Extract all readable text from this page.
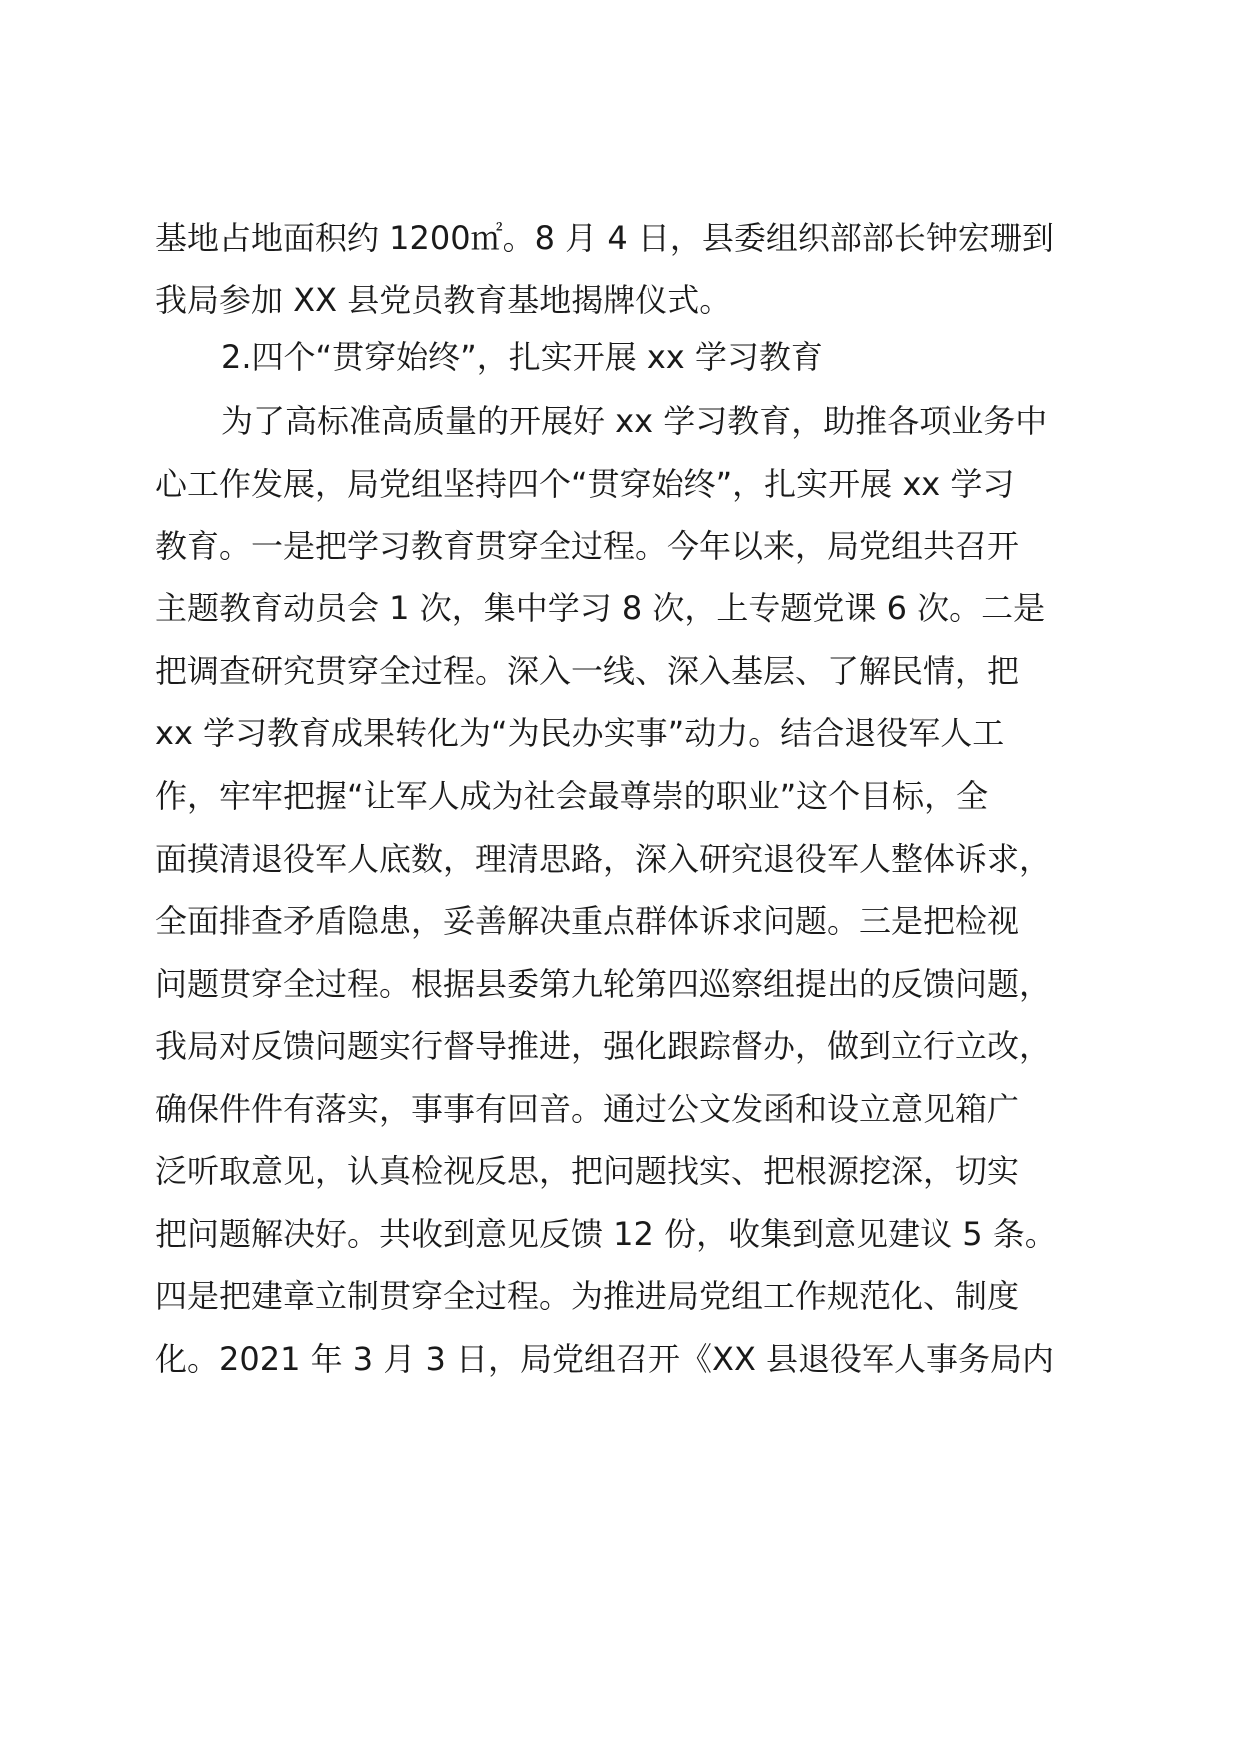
基地占地面积约 1200㎡。8 月 4 日，县委组织部部长钟宏珊到

我局参加 XX 县党员教育基地揭牌仪式。

2.四个“贯穿始终”，扎实开展 xx 学习教育

为了高标准高质量的开展好 xx 学习教育，助推各项业务中

心工作发展，局党组坚持四个“贯穿始终”，扎实开展 xx 学习

教育。一是把学习教育贯穿全过程。今年以来，局党组共召开

主题教育动员会 1 次，集中学习 8 次，上专题党课 6 次。二是

把调查研究贯穿全过程。深入一线、深入基层、了解民情，把

xx 学习教育成果转化为“为民办实事”动力。结合退役军人工

作，牢牢把握“让军人成为社会最尊崇的职业”这个目标，全

面摸清退役军人底数，理清思路，深入研究退役军人整体诉求，

全面排查矛盾隐患，妥善解决重点群体诉求问题。三是把检视

问题贯穿全过程。根据县委第九轮第四巡察组提出的反馈问题，

我局对反馈问题实行督导推进，强化跟踪督办，做到立行立改，

确保件件有落实，事事有回音。通过公文发函和设立意见箱广

泛听取意见，认真检视反思，把问题找实、把根源挖深，切实

把问题解决好。共收到意见反馈 12 份，收集到意见建议 5 条。

四是把建章立制贯穿全过程。为推进局党组工作规范化、制度

化。2021 年 3 月 3 日，局党组召开《XX 县退役军人事务局内
